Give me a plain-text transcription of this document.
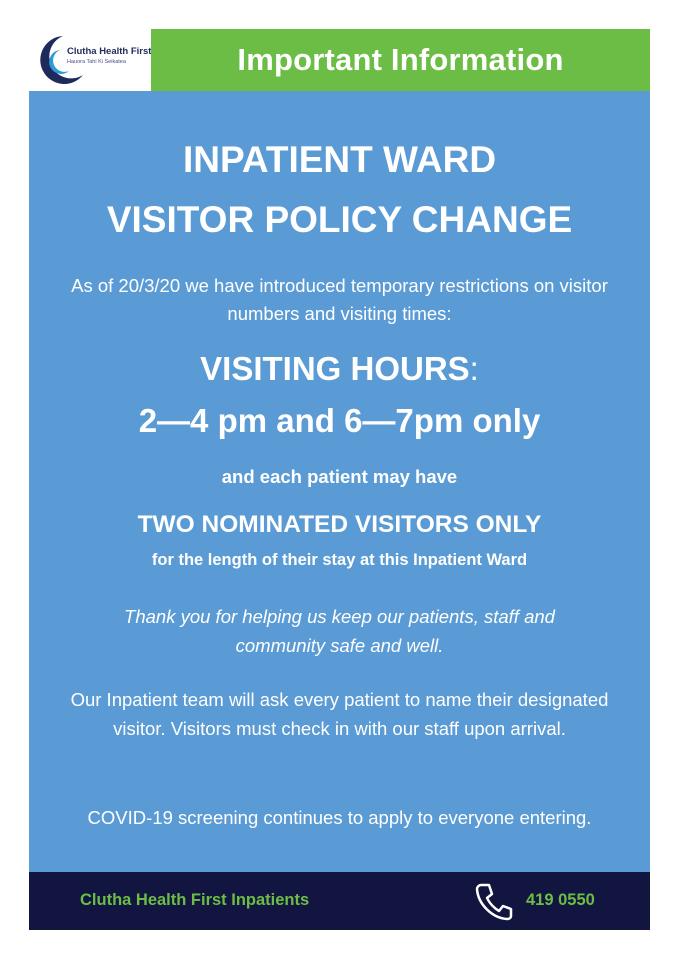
Clutha Health First
Hauora Tahi Ki Seikatea	Important Information
INPATIENT WARD
VISITOR POLICY CHANGE
As of 20/3/20 we have introduced temporary restrictions on visitor numbers and visiting times:
VISITING HOURS:
2—4 pm and 6—7pm only
and each patient may have
TWO NOMINATED VISITORS ONLY
for the length of their stay at this Inpatient Ward
Thank you for helping us keep our patients, staff and community safe and well.
Our Inpatient team will ask every patient to name their designated visitor. Visitors must check in with our staff upon arrival.
COVID-19 screening continues to apply to everyone entering.
Clutha Health First Inpatients	419 0550
